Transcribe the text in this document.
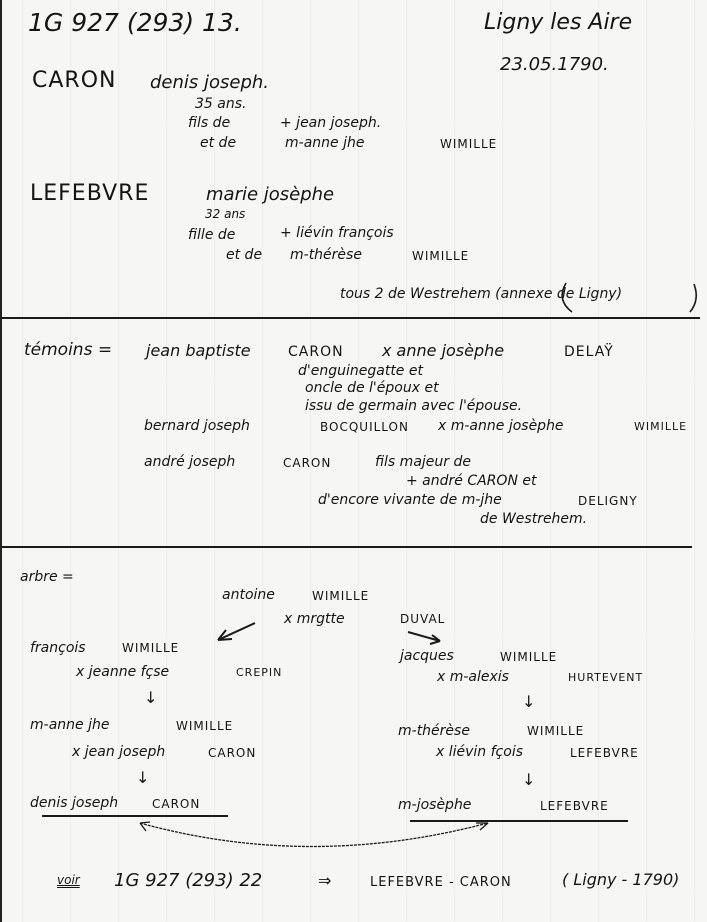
1G 927 (293) 13.	Ligny les Aire
23.05.1790.
CARON denis joseph.
35 ans.
fils de	+ jean joseph.
et de	m-anne jhe	WIMILLE
LEFEBVRE	marie josèphe
32 ans
fille de	+ liévin françois
et de m-thérèse	WIMILLE
tous 2 de Westrehem (annexe de Ligny)
témoins = jean baptiste	CARON x anne josèphe	DELAŸ
d'enguinegatte et
oncle de l'époux et
issu de germain avec l'épouse.
bernard joseph	BOCQUILLON x m-anne josèphe	WIMILLE
andré joseph	CARON	fils majeur de
+ andré CARON et
d'encore vivante de m-jhe	DELIGNY
de Westrehem.
arbre =
antoine	WIMILLE
x mrgtte	DUVAL
françois	WIMILLE
x jeanne fçse	CREPIN
↓
m-anne jhe	WIMILLE
x jean joseph	CARON
↓
denis joseph	CARON
jacques	WIMILLE
x m-alexis	HURTEVENT
↓
m-thérèse	WIMILLE
x liévin fçois	LEFEBVRE
↓
m-josèphe	LEFEBVRE
voir 1G 927 (293) 22	⇒	LEFEBVRE - CARON	( Ligny - 1790)
